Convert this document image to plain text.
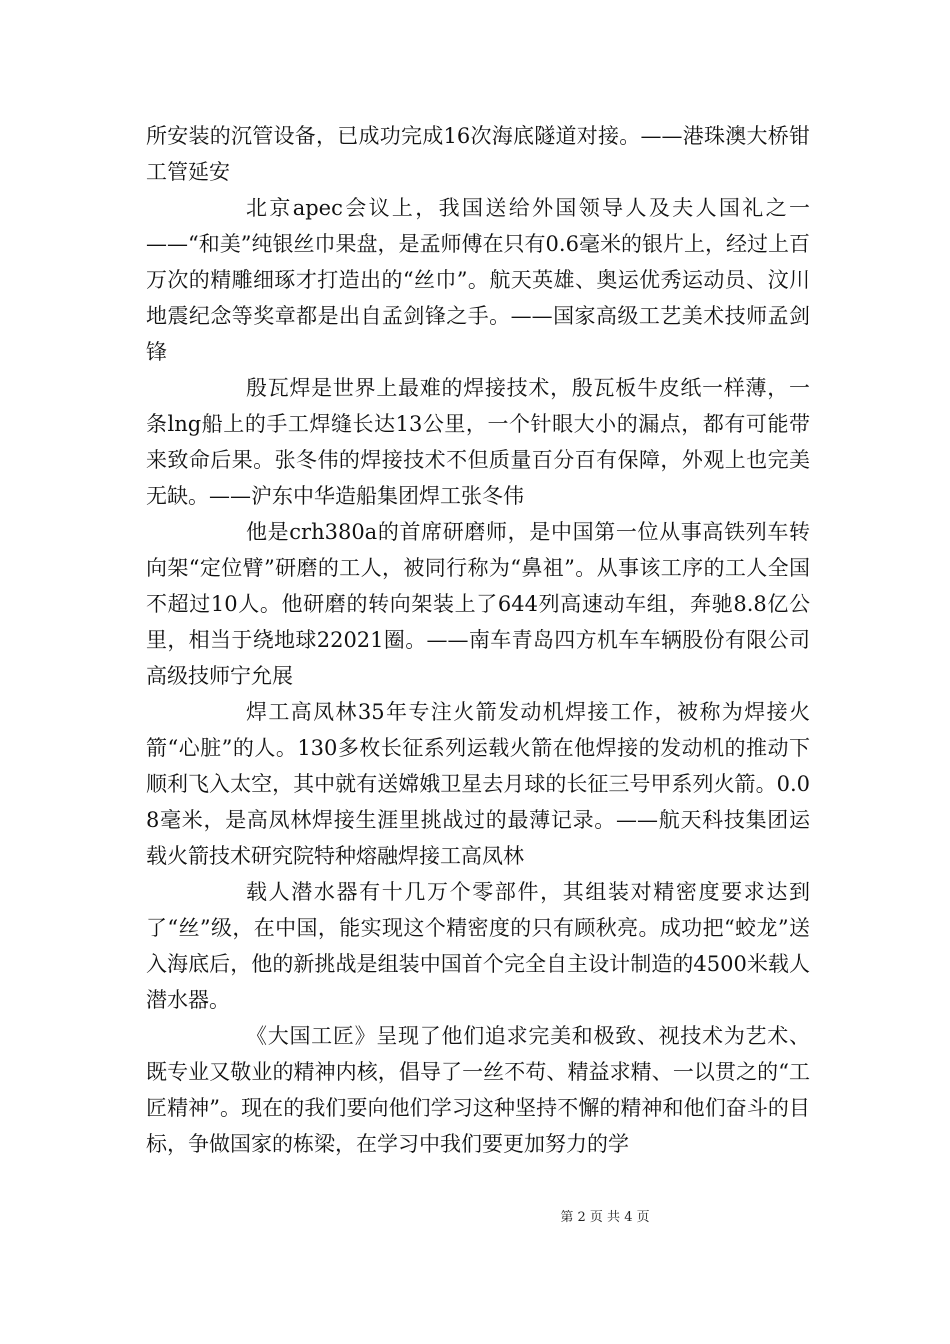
所安装的沉管设备，已成功完成16次海底隧道对接。——港珠澳大桥钳工管延安

北京apec会议上，我国送给外国领导人及夫人国礼之一——“和美”纯银丝巾果盘，是孟师傅在只有0.6毫米的银片上，经过上百万次的精雕细琢才打造出的“丝巾”。航天英雄、奥运优秀运动员、汶川地震纪念等奖章都是出自孟剑锋之手。——国家高级工艺美术技师孟剑锋

殷瓦焊是世界上最难的焊接技术，殷瓦板牛皮纸一样薄，一条lng船上的手工焊缝长达13公里，一个针眼大小的漏点，都有可能带来致命后果。张冬伟的焊接技术不但质量百分百有保障，外观上也完美无缺。——沪东中华造船集团焊工张冬伟

他是crh380a的首席研磨师，是中国第一位从事高铁列车转向架“定位臂”研磨的工人，被同行称为“鼻祖”。从事该工序的工人全国不超过10人。他研磨的转向架装上了644列高速动车组，奔驰8.8亿公里，相当于绕地球22021圈。——南车青岛四方机车车辆股份有限公司高级技师宁允展

焊工高凤林35年专注火箭发动机焊接工作，被称为焊接火箭“心脏”的人。130多枚长征系列运载火箭在他焊接的发动机的推动下顺利飞入太空，其中就有送嫦娥卫星去月球的长征三号甲系列火箭。0.08毫米，是高凤林焊接生涯里挑战过的最薄记录。——航天科技集团运载火箭技术研究院特种熔融焊接工高凤林

载人潜水器有十几万个零部件，其组装对精密度要求达到了“丝”级，在中国，能实现这个精密度的只有顾秋亮。成功把“蛟龙”送入海底后，他的新挑战是组装中国首个完全自主设计制造的4500米载人潜水器。

《大国工匠》呈现了他们追求完美和极致、视技术为艺术、既专业又敬业的精神内核，倡导了一丝不苟、精益求精、一以贯之的“工匠精神”。现在的我们要向他们学习这种坚持不懈的精神和他们奋斗的目标，争做国家的栋梁，在学习中我们要更加努力的学

第 2 页 共 4 页
